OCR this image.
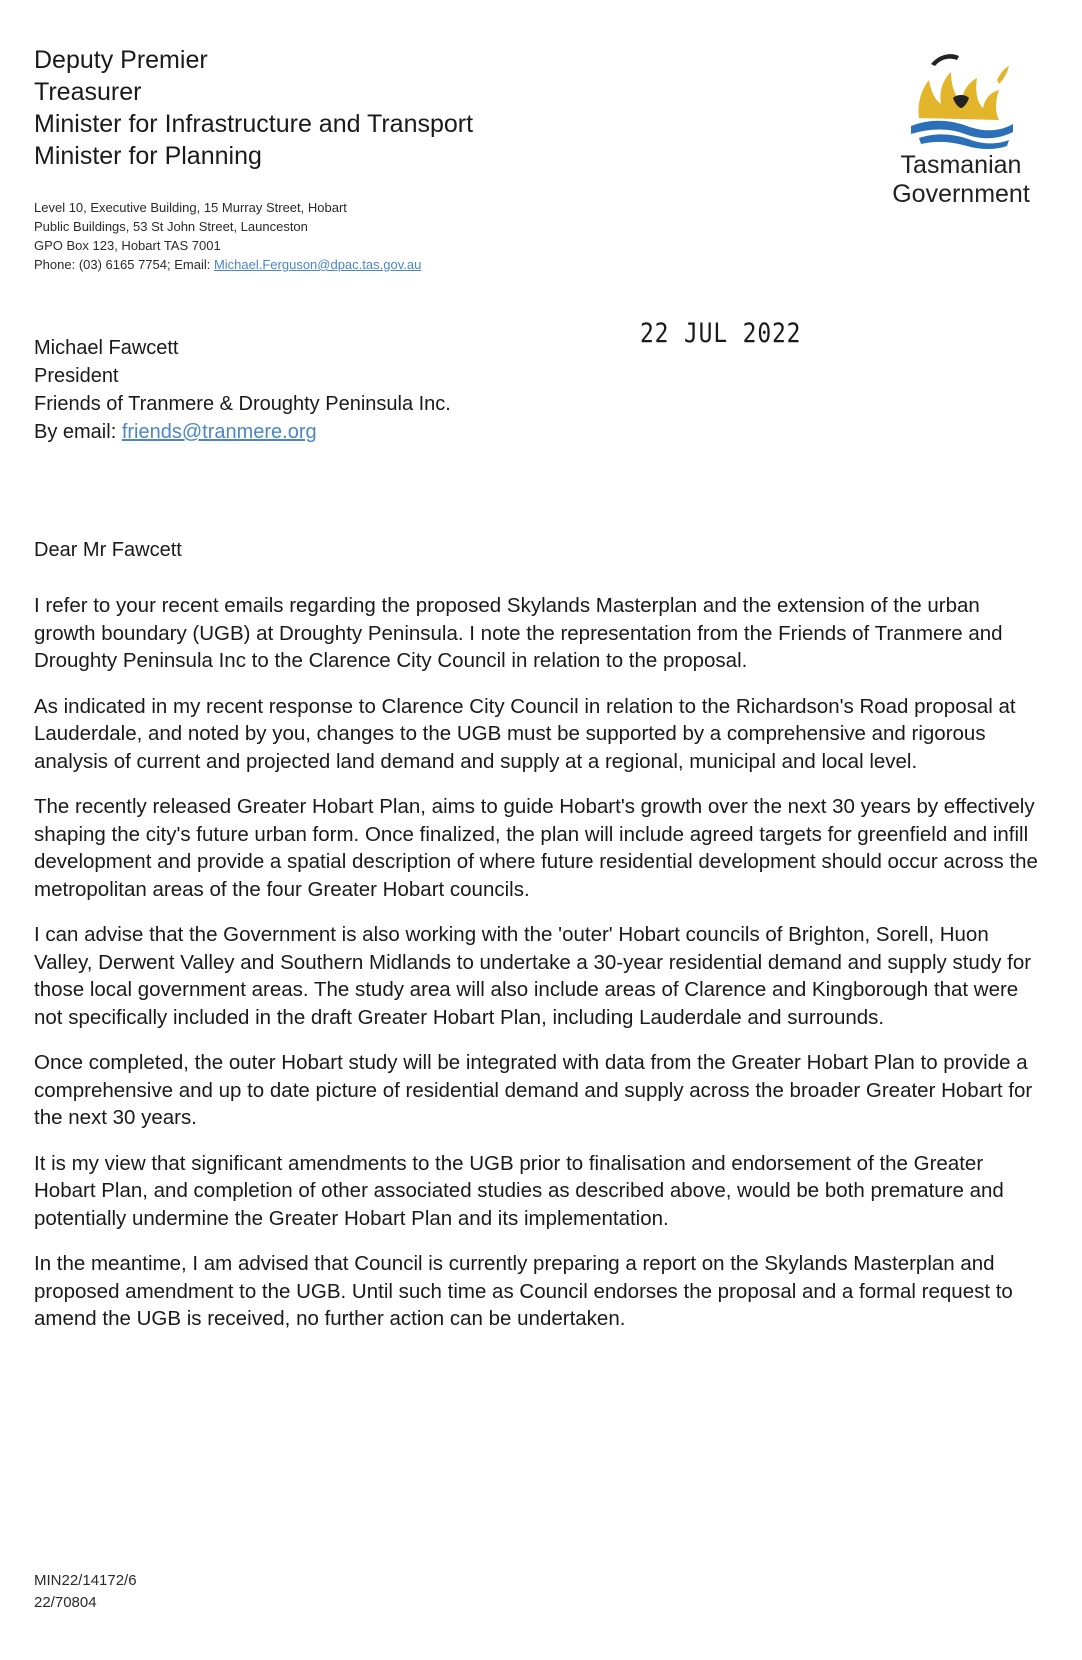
Deputy Premier
Treasurer
Minister for Infrastructure and Transport
Minister for Planning
Level 10, Executive Building, 15 Murray Street, Hobart
Public Buildings, 53 St John Street, Launceston
GPO Box 123, Hobart TAS 7001
Phone: (03) 6165 7754; Email: Michael.Ferguson@dpac.tas.gov.au
Tasmanian
Government
22 JUL 2022
Michael Fawcett
President
Friends of Tranmere & Droughty Peninsula Inc.
By email: friends@tranmere.org
Dear Mr Fawcett

I refer to your recent emails regarding the proposed Skylands Masterplan and the extension of the urban growth boundary (UGB) at Droughty Peninsula. I note the representation from the Friends of Tranmere and Droughty Peninsula Inc to the Clarence City Council in relation to the proposal.

As indicated in my recent response to Clarence City Council in relation to the Richardson's Road proposal at Lauderdale, and noted by you, changes to the UGB must be supported by a comprehensive and rigorous analysis of current and projected land demand and supply at a regional, municipal and local level.

The recently released Greater Hobart Plan, aims to guide Hobart's growth over the next 30 years by effectively shaping the city's future urban form. Once finalized, the plan will include agreed targets for greenfield and infill development and provide a spatial description of where future residential development should occur across the metropolitan areas of the four Greater Hobart councils.

I can advise that the Government is also working with the 'outer' Hobart councils of Brighton, Sorell, Huon Valley, Derwent Valley and Southern Midlands to undertake a 30-year residential demand and supply study for those local government areas. The study area will also include areas of Clarence and Kingborough that were not specifically included in the draft Greater Hobart Plan, including Lauderdale and surrounds.

Once completed, the outer Hobart study will be integrated with data from the Greater Hobart Plan to provide a comprehensive and up to date picture of residential demand and supply across the broader Greater Hobart for the next 30 years.

It is my view that significant amendments to the UGB prior to finalisation and endorsement of the Greater Hobart Plan, and completion of other associated studies as described above, would be both premature and potentially undermine the Greater Hobart Plan and its implementation.

In the meantime, I am advised that Council is currently preparing a report on the Skylands Masterplan and proposed amendment to the UGB. Until such time as Council endorses the proposal and a formal request to amend the UGB is received, no further action can be undertaken.

MIN22/14172/6
22/70804
